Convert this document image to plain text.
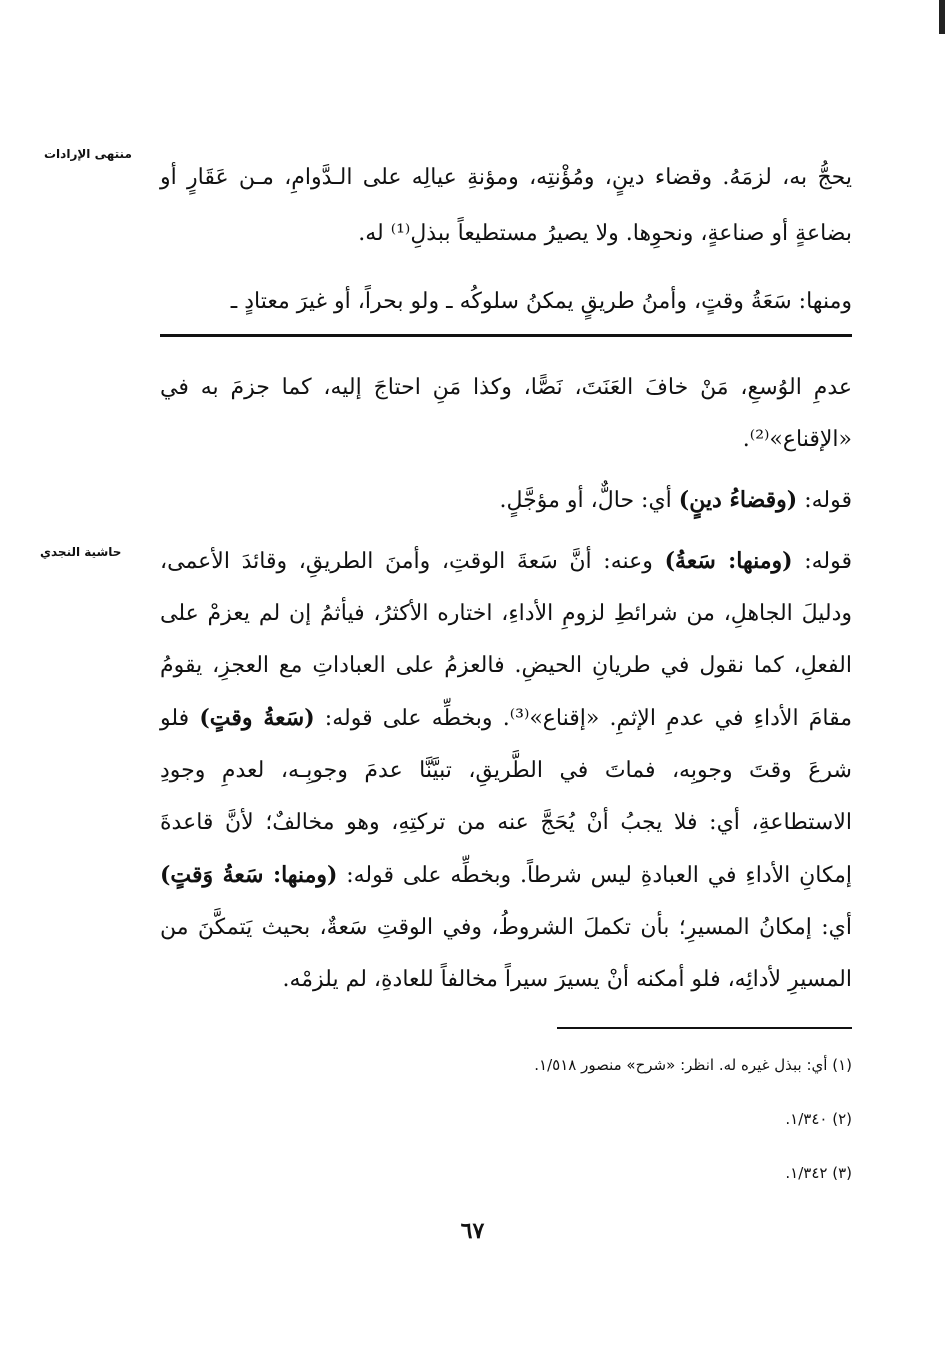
منتهى الإرادات
حاشية النجدي

يحجُّ به، لزمَهُ. وقضاء دينٍ، ومُؤْنتِه، ومؤنةِ عيالِه على الـدَّوامِ، مـن عَقَارٍ أو بضاعةٍ أو صناعةٍ، ونحوِها. ولا يصيرُ مستطيعاً ببذلِ⁽¹⁾ له.

ومنها: سَعَةُ وقتٍ، وأمنُ طريقٍ يمكنُ سلوكُه ـ ولو بحراً، أو غيرَ معتادٍ ـ

عدمِ الوُسعِ، مَنْ خافَ العَنَتَ، نَصًّا، وكذا مَنِ احتاجَ إليه، كما جزمَ به في «الإقناع»⁽²⁾.

قوله: (وقضاءُ دينٍ) أي: حالٌّ، أو مؤجَّلٍ.

قوله: (ومنها: سَعةُ) وعنه: أنَّ سَعةَ الوقتِ، وأمنَ الطريقِ، وقائدَ الأعمى، ودليلَ الجاهلِ، من شرائطِ لزومِ الأداءِ، اختاره الأكثرُ، فيأثمُ إن لم يعزمْ على الفعلِ، كما نقول في طريانِ الحيضِ. فالعزمُ على العباداتِ مع العجزِ، يقومُ مقامَ الأداءِ في عدمِ الإثمِ. «إقناع»⁽³⁾. وبخطِّه على قوله: (سَعةُ وقتٍ) فلو شرعَ وقتَ وجوبِه، فماتَ في الطَّريقِ، تبيَّنَّا عدمَ وجوبِـه، لعدمِ وجودِ الاستطاعةِ، أي: فلا يجبُ أنْ يُحَجَّ عنه من تركتِهِ، وهو مخالفٌ؛ لأنَّ قاعدةَ إمكانِ الأداءِ في العبادةِ ليس شرطاً. وبخطِّه على قوله: (ومنها: سَعةُ وَقتٍ) أي: إمكانُ المسيرِ؛ بأن تكملَ الشروطُ، وفي الوقتِ سَعةٌ، بحيث يَتمكَّنَ من المسيرِ لأدائِه، فلو أمكنه أنْ يسيرَ سيراً مخالفاً للعادةِ، لم يلزمْه.

(١) أي: ببذل غيره له. انظر: «شرح» منصور ١/٥١٨.
(٢) ١/٣٤٠.
(٣) ١/٣٤٢.
٦٧
